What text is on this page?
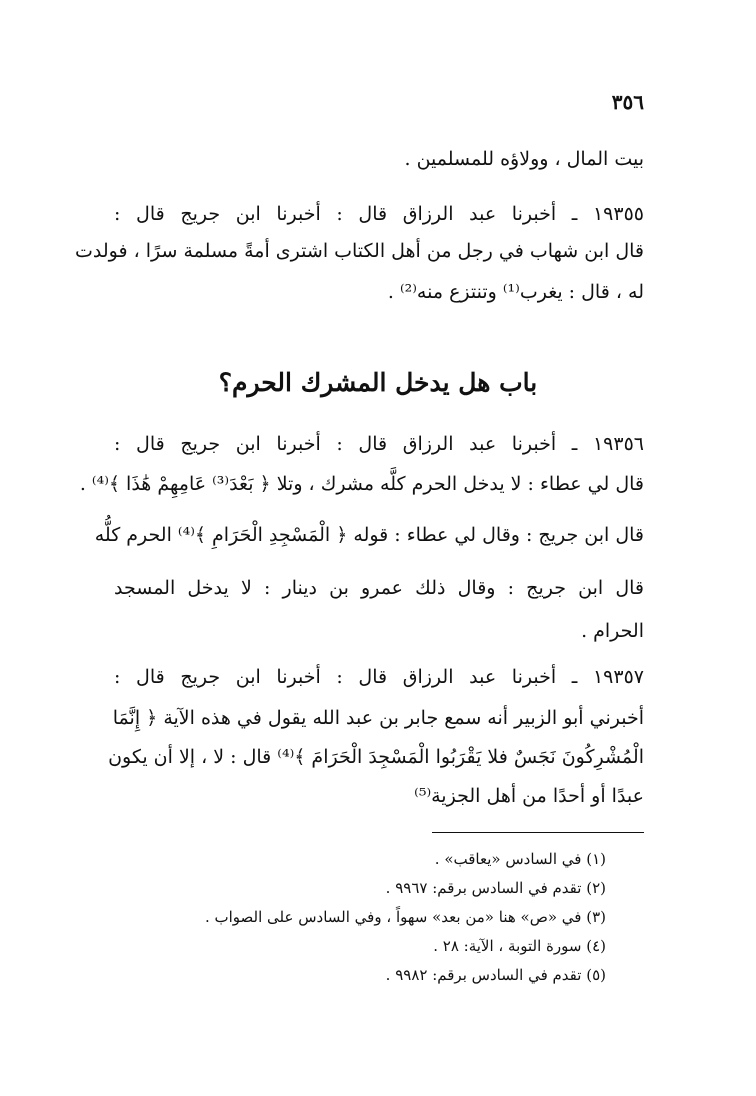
٣٥٦
بيت المال ، وولاؤه للمسلمين .
١٩٣٥٥ ـ أخبرنا عبد الرزاق قال : أخبرنا ابن جريج قال :
قال ابن شهاب في رجل من أهل الكتاب اشترى أمةً مسلمة سرًا ، فولدت
له ، قال : يغرب⁽¹⁾ وتنتزع منه⁽²⁾ .
باب هل يدخل المشرك الحرم؟
١٩٣٥٦ ـ أخبرنا عبد الرزاق قال : أخبرنا ابن جريج قال :
قال لي عطاء : لا يدخل الحرم كلَّه مشرك ، وتلا ﴿ بَعْدَ⁽³⁾ عَامِهِمْ هَٰذَا ﴾⁽⁴⁾ .
قال ابن جريج : وقال لي عطاء : قوله ﴿ الْمَسْجِدِ الْحَرَامِ ﴾⁽⁴⁾ الحرم كلُّه
قال ابن جريج : وقال ذلك عمرو بن دينار : لا يدخل المسجد
الحرام .
١٩٣٥٧ ـ أخبرنا عبد الرزاق قال : أخبرنا ابن جريج قال :
أخبرني أبو الزبير أنه سمع جابر بن عبد الله يقول في هذه الآية ﴿ إِنَّمَا
الْمُشْرِكُونَ نَجَسٌ فلا يَقْرَبُوا الْمَسْجِدَ الْحَرَامَ ﴾⁽⁴⁾ قال : لا ، إلا أن يكون
عبدًا أو أحدًا من أهل الجزية⁽⁵⁾
(١) في السادس «يعاقب» .
(٢) تقدم في السادس برقم: ٩٩٦٧ .
(٣) في «ص» هنا «من بعد» سهواً ، وفي السادس على الصواب .
(٤) سورة التوبة ، الآية: ٢٨ .
(٥) تقدم في السادس برقم: ٩٩٨٢ .
